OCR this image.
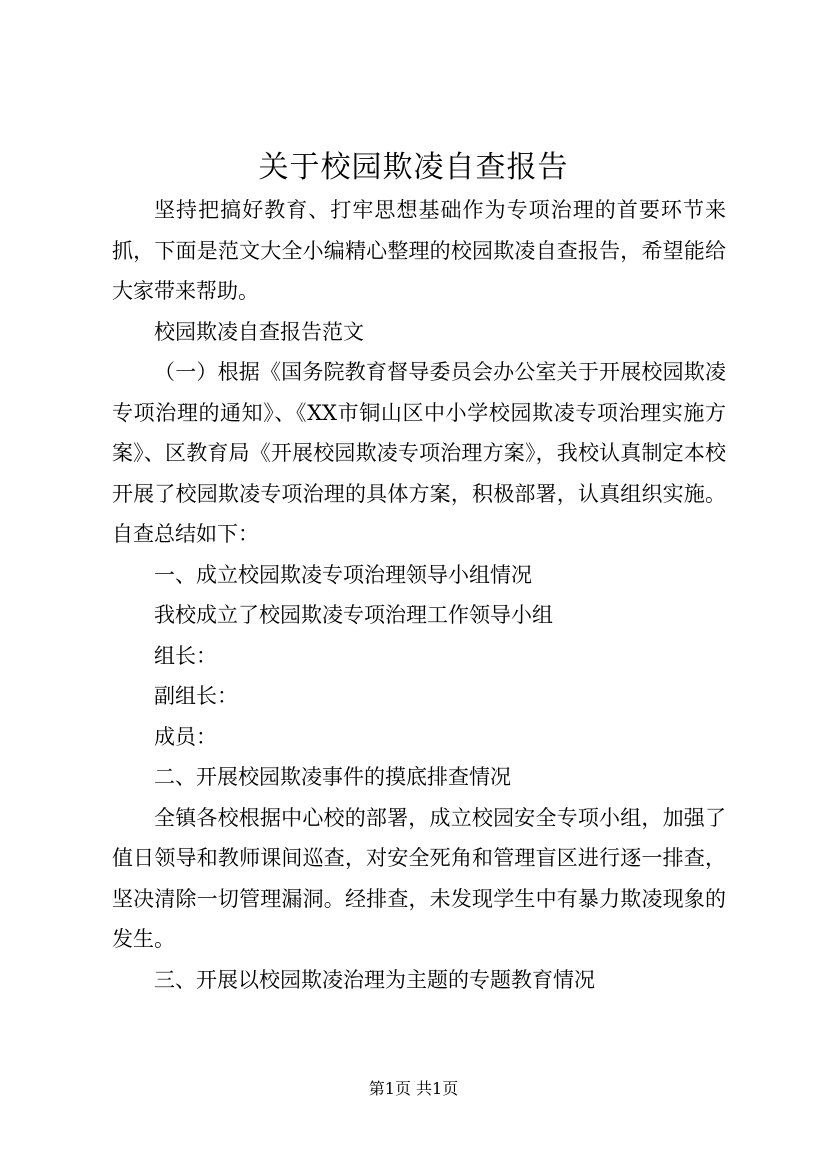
关于校园欺凌自查报告

坚持把搞好教育、打牢思想基础作为专项治理的首要环节来抓，下面是范文大全小编精心整理的校园欺凌自查报告，希望能给大家带来帮助。

校园欺凌自查报告范文

（一）根据《国务院教育督导委员会办公室关于开展校园欺凌专项治理的通知》、《XX市铜山区中小学校园欺凌专项治理实施方案》、区教育局《开展校园欺凌专项治理方案》，我校认真制定本校开展了校园欺凌专项治理的具体方案，积极部署，认真组织实施。自查总结如下：

一、成立校园欺凌专项治理领导小组情况

我校成立了校园欺凌专项治理工作领导小组

组长：

副组长：

成员：

二、开展校园欺凌事件的摸底排查情况

全镇各校根据中心校的部署，成立校园安全专项小组，加强了值日领导和教师课间巡查，对安全死角和管理盲区进行逐一排查，坚决清除一切管理漏洞。经排查，未发现学生中有暴力欺凌现象的发生。

三、开展以校园欺凌治理为主题的专题教育情况

第1页 共1页
